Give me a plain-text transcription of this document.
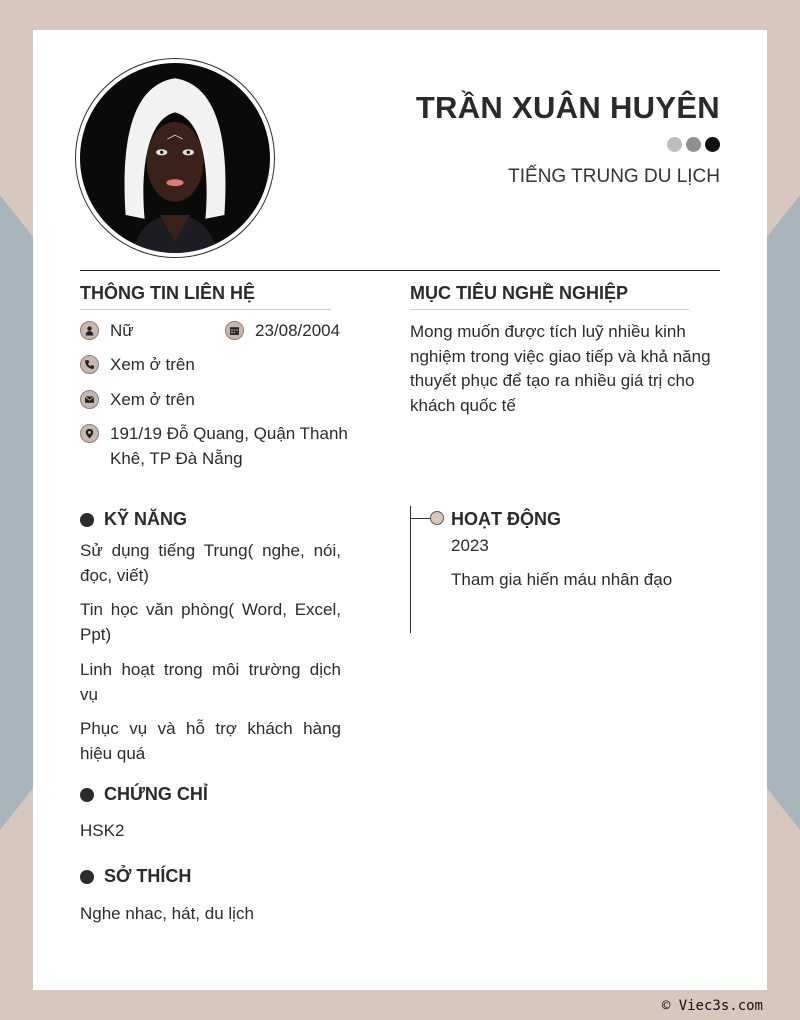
TRẦN XUÂN HUYÊN
TIẾNG TRUNG DU LỊCH
THÔNG TIN LIÊN HỆ
Nữ	23/08/2004
Xem ở trên
Xem ở trên
191/19 Đỗ Quang, Quận Thanh
Khê, TP Đà Nẵng
MỤC TIÊU NGHỀ NGHIỆP
Mong muốn được tích luỹ nhiều kinh
nghiệm trong việc giao tiếp và khả năng
thuyết phục để tạo ra nhiều giá trị cho
khách quốc tế
KỸ NĂNG
Sử dụng tiếng Trung( nghe, nói,
đọc, viết)
Tin học văn phòng( Word, Excel,
Ppt)
Linh hoạt trong môi trường dịch
vụ
Phục vụ và hỗ trợ khách hàng
hiệu quá
CHỨNG CHỈ
HSK2
SỞ THÍCH
Nghe nhac, hát, du lịch
HOẠT ĐỘNG
2023
Tham gia hiến máu nhân đạo
© Viec3s.com
